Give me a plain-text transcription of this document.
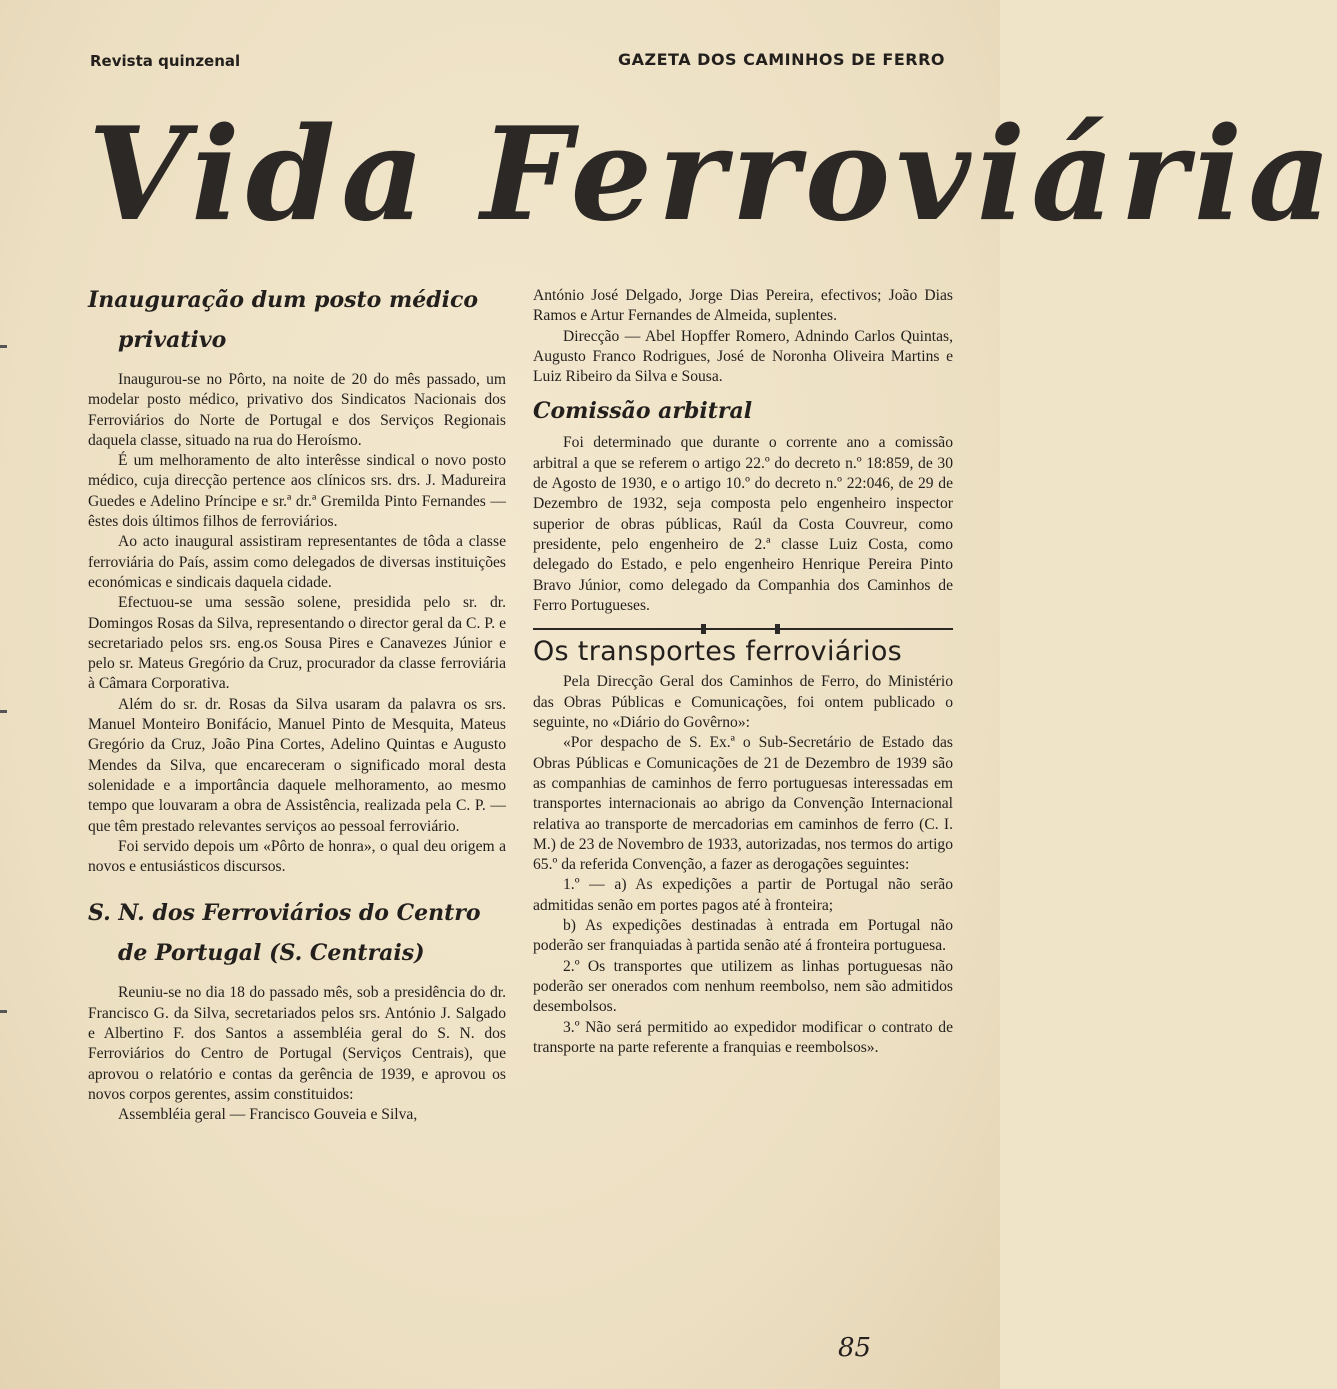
Revista quinzenal	GAZETA DOS CAMINHOS DE FERRO
Vida Ferroviária
Inauguração dum posto médico
privativo

Inaugurou-se no Pôrto, na noite de 20 do mês passado, um modelar posto médico, privativo dos Sindicatos Nacionais dos Ferroviários do Norte de Portugal e dos Serviços Regionais daquela classe, situado na rua do Heroísmo.

É um melhoramento de alto interêsse sindical o novo posto médico, cuja direcção pertence aos clínicos srs. drs. J. Madureira Guedes e Adelino Príncipe e sr.ª dr.ª Gremilda Pinto Fernandes — êstes dois últimos filhos de ferroviários.

Ao acto inaugural assistiram representantes de tôda a classe ferroviária do País, assim como delegados de diversas instituições económicas e sindicais daquela cidade.

Efectuou-se uma sessão solene, presidida pelo sr. dr. Domingos Rosas da Silva, representando o director geral da C. P. e secretariado pelos srs. eng.os Sousa Pires e Canavezes Júnior e pelo sr. Mateus Gregório da Cruz, procurador da classe ferroviária à Câmara Corporativa.

Além do sr. dr. Rosas da Silva usaram da palavra os srs. Manuel Monteiro Bonifácio, Manuel Pinto de Mesquita, Mateus Gregório da Cruz, João Pina Cortes, Adelino Quintas e Augusto Mendes da Silva, que encareceram o significado moral desta solenidade e a importância daquele melhoramento, ao mesmo tempo que louvaram a obra de Assistência, realizada pela C. P. — que têm prestado relevantes serviços ao pessoal ferroviário.

Foi servido depois um «Pôrto de honra», o qual deu origem a novos e entusiásticos discursos.

S. N. dos Ferroviários do Centro
de Portugal (S. Centrais)

Reuniu-se no dia 18 do passado mês, sob a presidência do dr. Francisco G. da Silva, secretariados pelos srs. António J. Salgado e Albertino F. dos Santos a assembléia geral do S. N. dos Ferroviários do Centro de Portugal (Serviços Centrais), que aprovou o relatório e contas da gerência de 1939, e aprovou os novos corpos gerentes, assim constituidos:

Assembléia geral — Francisco Gouveia e Silva,

António José Delgado, Jorge Dias Pereira, efectivos; João Dias Ramos e Artur Fernandes de Almeida, suplentes.

Direcção — Abel Hopffer Romero, Adnindo Carlos Quintas, Augusto Franco Rodrigues, José de Noronha Oliveira Martins e Luiz Ribeiro da Silva e Sousa.

Comissão arbitral

Foi determinado que durante o corrente ano a comissão arbitral a que se referem o artigo 22.º do decreto n.º 18:859, de 30 de Agosto de 1930, e o artigo 10.º do decreto n.º 22:046, de 29 de Dezembro de 1932, seja composta pelo engenheiro inspector superior de obras públicas, Raúl da Costa Couvreur, como presidente, pelo engenheiro de 2.ª classe Luiz Costa, como delegado do Estado, e pelo engenheiro Henrique Pereira Pinto Bravo Júnior, como delegado da Companhia dos Caminhos de Ferro Portugueses.

Os transportes ferroviários

Pela Direcção Geral dos Caminhos de Ferro, do Ministério das Obras Públicas e Comunicações, foi ontem publicado o seguinte, no «Diário do Govêrno»:

«Por despacho de S. Ex.ª o Sub-Secretário de Estado das Obras Públicas e Comunicações de 21 de Dezembro de 1939 são as companhias de caminhos de ferro portuguesas interessadas em transportes internacionais ao abrigo da Convenção Internacional relativa ao transporte de mercadorias em caminhos de ferro (C. I. M.) de 23 de Novembro de 1933, autorizadas, nos termos do artigo 65.º da referida Convenção, a fazer as derogações seguintes:

1.º — a) As expedições a partir de Portugal não serão admitidas senão em portes pagos até à fronteira;

b) As expedições destinadas à entrada em Portugal não poderão ser franquiadas à partida senão até á fronteira portuguesa.

2.º Os transportes que utilizem as linhas portuguesas não poderão ser onerados com nenhum reembolso, nem são admitidos desembolsos.

3.º Não será permitido ao expedidor modificar o contrato de transporte na parte referente a franquias e reembolsos».

85
